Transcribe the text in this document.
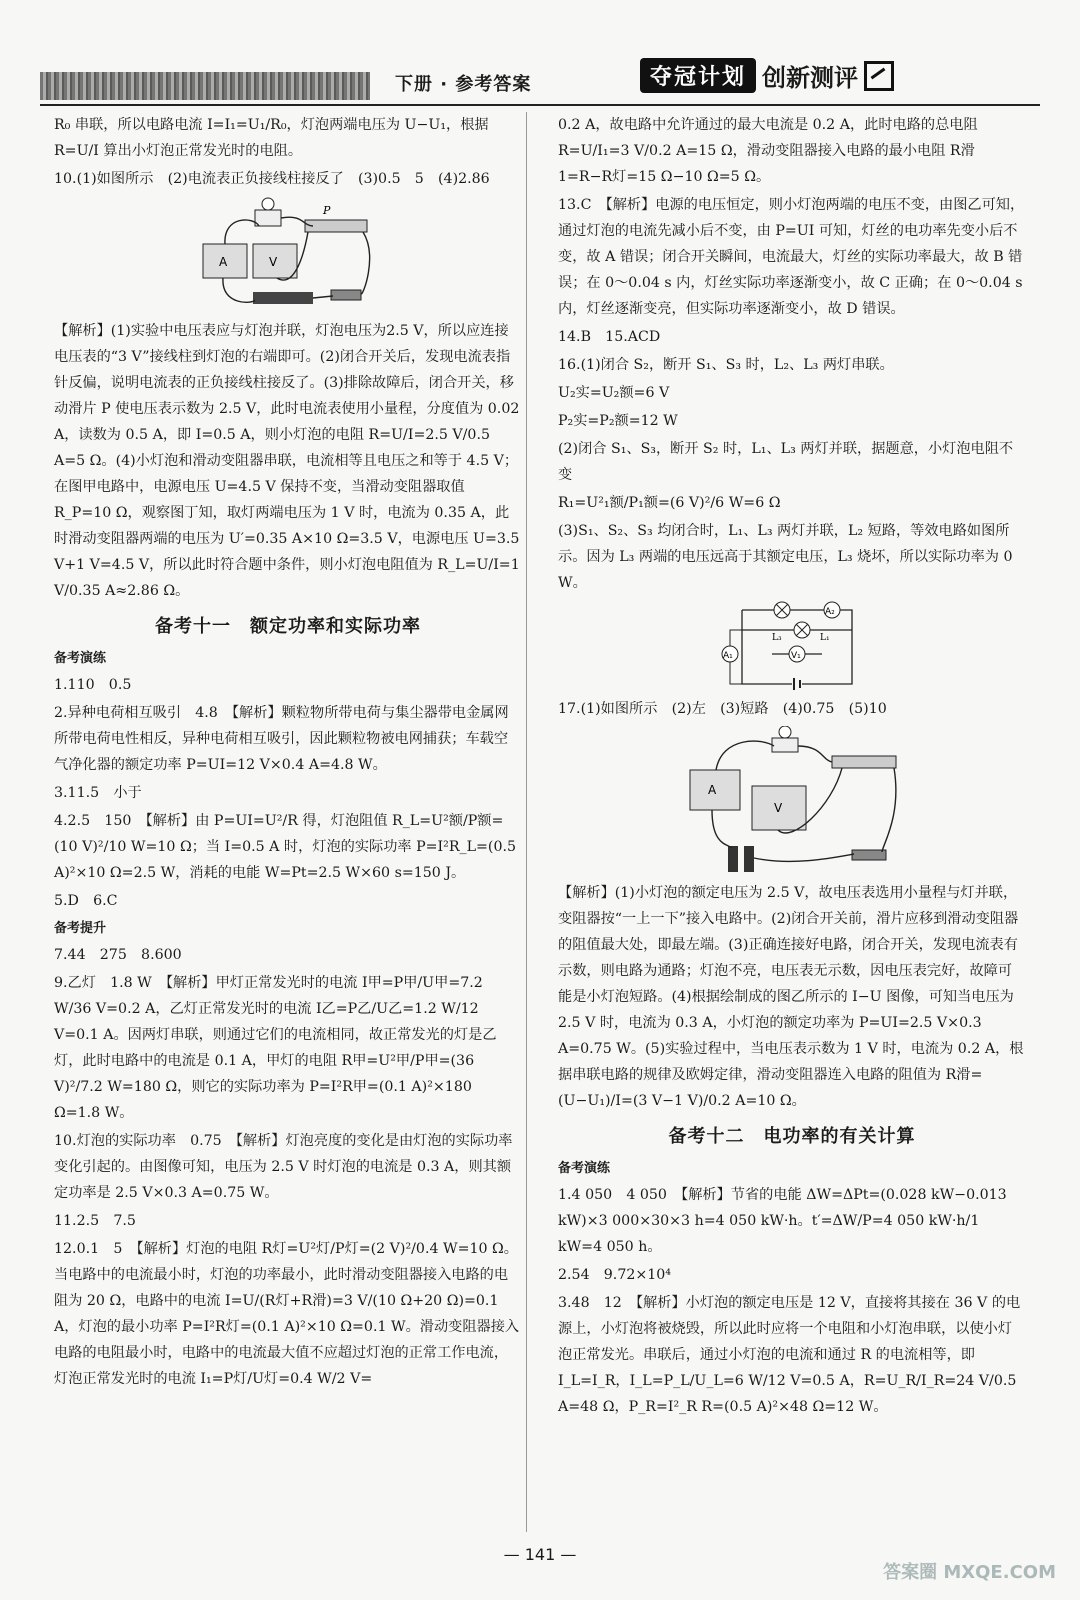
下册 · 参考答案	夺冠计划 创新测评

R₀ 串联，所以电路电流 I=I₁=U₁/R₀，灯泡两端电压为 U−U₁，根据 R=U/I 算出小灯泡正常发光时的电阻。

10.(1)如图所示　(2)电流表正负接线柱接反了　(3)0.5　5　(4)2.86

A	V
P

【解析】(1)实验中电压表应与灯泡并联，灯泡电压为2.5 V，所以应连接电压表的“3 V”接线柱到灯泡的右端即可。(2)闭合开关后，发现电流表指针反偏，说明电流表的正负接线柱接反了。(3)排除故障后，闭合开关，移动滑片 P 使电压表示数为 2.5 V，此时电流表使用小量程，分度值为 0.02 A，读数为 0.5 A，即 I=0.5 A，则小灯泡的电阻 R=U/I=2.5 V/0.5 A=5 Ω。(4)小灯泡和滑动变阻器串联，电流相等且电压之和等于 4.5 V；在图甲电路中，电源电压 U=4.5 V 保持不变，当滑动变阻器取值 R_P=10 Ω，观察图丁知，取灯两端电压为 1 V 时，电流为 0.35 A，此时滑动变阻器两端的电压为 U′=0.35 A×10 Ω=3.5 V，电源电压 U=3.5 V+1 V=4.5 V，所以此时符合题中条件，则小灯泡电阻值为 R_L=U/I=1 V/0.35 A≈2.86 Ω。

备考十一　额定功率和实际功率
备考演练

1.110　0.5

2.异种电荷相互吸引　4.8　【解析】颗粒物所带电荷与集尘器带电金属网所带电荷电性相反，异种电荷相互吸引，因此颗粒物被电网捕获；车载空气净化器的额定功率 P=UI=12 V×0.4 A=4.8 W。

3.11.5　小于

4.2.5　150　【解析】由 P=UI=U²/R 得，灯泡阻值 R_L=U²额/P额=(10 V)²/10 W=10 Ω；当 I=0.5 A 时，灯泡的实际功率 P=I²R_L=(0.5 A)²×10 Ω=2.5 W，消耗的电能 W=Pt=2.5 W×60 s=150 J。

5.D　6.C

备考提升

7.44　275　8.600

9.乙灯　1.8 W　【解析】甲灯正常发光时的电流 I甲=P甲/U甲=7.2 W/36 V=0.2 A，乙灯正常发光时的电流 I乙=P乙/U乙=1.2 W/12 V=0.1 A。因两灯串联，则通过它们的电流相同，故正常发光的灯是乙灯，此时电路中的电流是 0.1 A，甲灯的电阻 R甲=U²甲/P甲=(36 V)²/7.2 W=180 Ω，则它的实际功率为 P=I²R甲=(0.1 A)²×180 Ω=1.8 W。

10.灯泡的实际功率　0.75　【解析】灯泡亮度的变化是由灯泡的实际功率变化引起的。由图像可知，电压为 2.5 V 时灯泡的电流是 0.3 A，则其额定功率是 2.5 V×0.3 A=0.75 W。

11.2.5　7.5

12.0.1　5　【解析】灯泡的电阻 R灯=U²灯/P灯=(2 V)²/0.4 W=10 Ω。当电路中的电流最小时，灯泡的功率最小，此时滑动变阻器接入电路的电阻为 20 Ω，电路中的电流 I=U/(R灯+R滑)=3 V/(10 Ω+20 Ω)=0.1 A，灯泡的最小功率 P=I²R灯=(0.1 A)²×10 Ω=0.1 W。滑动变阻器接入电路的电阻最小时，电路中的电流最大值不应超过灯泡的正常工作电流，灯泡正常发光时的电流 I₁=P灯/U灯=0.4 W/2 V=

0.2 A，故电路中允许通过的最大电流是 0.2 A，此时电路的总电阻 R=U/I₁=3 V/0.2 A=15 Ω，滑动变阻器接入电路的最小电阻 R滑1=R−R灯=15 Ω−10 Ω=5 Ω。

13.C　【解析】电源的电压恒定，则小灯泡两端的电压不变，由图乙可知，通过灯泡的电流先减小后不变，由 P=UI 可知，灯丝的电功率先变小后不变，故 A 错误；闭合开关瞬间，电流最大，灯丝的实际功率最大，故 B 错误；在 0～0.04 s 内，灯丝实际功率逐渐变小，故 C 正确；在 0～0.04 s 内，灯丝逐渐变亮，但实际功率逐渐变小，故 D 错误。

14.B　15.ACD

16.(1)闭合 S₂，断开 S₁、S₃ 时，L₂、L₃ 两灯串联。

U₂实=U₂额=6 V

P₂实=P₂额=12 W

(2)闭合 S₁、S₃，断开 S₂ 时，L₁、L₃ 两灯并联，据题意，小灯泡电阻不变

R₁=U²₁额/P₁额=(6 V)²/6 W=6 Ω

(3)S₁、S₂、S₃ 均闭合时，L₁、L₃ 两灯并联，L₂ 短路，等效电路如图所示。因为 L₃ 两端的电压远高于其额定电压，L₃ 烧坏，所以实际功率为 0 W。

A₂
L₃	L₁
V₁
A₁

17.(1)如图所示　(2)左　(3)短路　(4)0.75　(5)10

A
V

【解析】(1)小灯泡的额定电压为 2.5 V，故电压表选用小量程与灯并联，变阻器按“一上一下”接入电路中。(2)闭合开关前，滑片应移到滑动变阻器的阻值最大处，即最左端。(3)正确连接好电路，闭合开关，发现电流表有示数，则电路为通路；灯泡不亮，电压表无示数，因电压表完好，故障可能是小灯泡短路。(4)根据绘制成的图乙所示的 I−U 图像，可知当电压为 2.5 V 时，电流为 0.3 A，小灯泡的额定功率为 P=UI=2.5 V×0.3 A=0.75 W。(5)实验过程中，当电压表示数为 1 V 时，电流为 0.2 A，根据串联电路的规律及欧姆定律，滑动变阻器连入电路的阻值为 R滑=(U−U₁)/I=(3 V−1 V)/0.2 A=10 Ω。

备考十二　电功率的有关计算
备考演练

1.4 050　4 050　【解析】节省的电能 ΔW=ΔPt=(0.028 kW−0.013 kW)×3 000×30×3 h=4 050 kW·h。t′=ΔW/P=4 050 kW·h/1 kW=4 050 h。

2.54　9.72×10⁴

3.48　12　【解析】小灯泡的额定电压是 12 V，直接将其接在 36 V 的电源上，小灯泡将被烧毁，所以此时应将一个电阻和小灯泡串联，以使小灯泡正常发光。串联后，通过小灯泡的电流和通过 R 的电流相等，即 I_L=I_R，I_L=P_L/U_L=6 W/12 V=0.5 A，R=U_R/I_R=24 V/0.5 A=48 Ω，P_R=I²_R R=(0.5 A)²×48 Ω=12 W。

— 141 —
答案圈 MXQE.COM
